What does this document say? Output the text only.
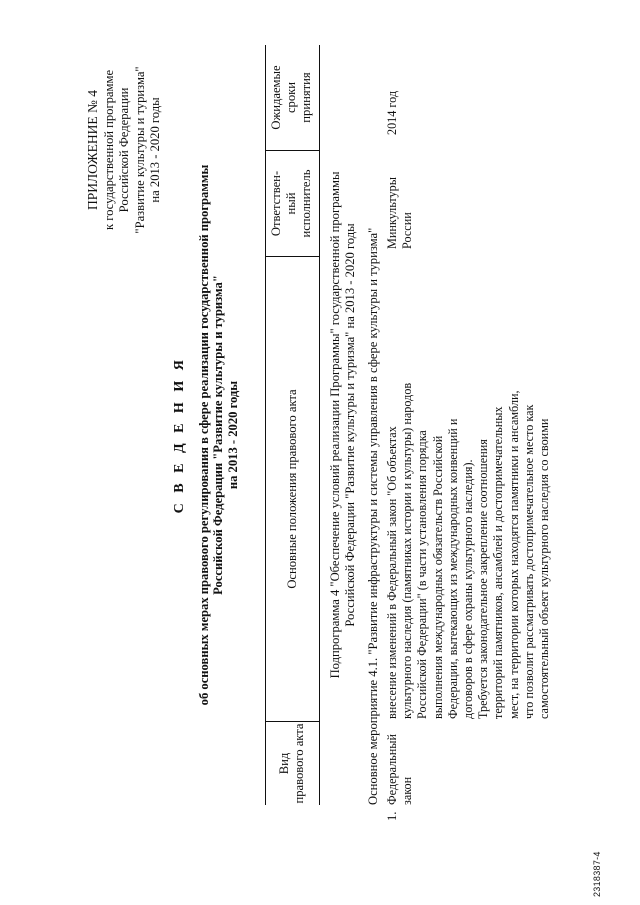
ПРИЛОЖЕНИЕ № 4 к государственной программе Российской Федерации "Развитие культуры и туризма" на 2013 - 2020 годы
С В Е Д Е Н И Я об основных мерах правового регулирования в сфере реализации государственной программы Российской Федерации "Развитие культуры и туризма" на 2013 - 2020 годы
Вид правового акта
Основные положения правового акта
Ответствен- ный исполнитель
Ожидаемые сроки принятия
Подпрограмма 4 "Обеспечение условий реализации Программы" государственной программы Российской Федерации "Развитие культуры и туризма" на 2013 - 2020 годы Основное мероприятие 4.1. "Развитие инфраструктуры и системы управления в сфере культуры и туризма"
1.
Федеральный закон
внесение изменений в Федеральный закон "Об объектах культурного наследия (памятниках истории и культуры) народов Российской Федерации" (в части установления порядка выполнения международных обязательств Российской Федерации, вытекающих из международных конвенций и договоров в сфере охраны культурного наследия). Требуется законодательное закрепление соотношения территорий памятников, ансамблей и достопримечательных мест, на территории которых находятся памятники и ансамбли, что позволит рассматривать достопримечательное место как самостоятельный объект культурного наследия со своими
Минкультуры России
2014 год
2318387-4
